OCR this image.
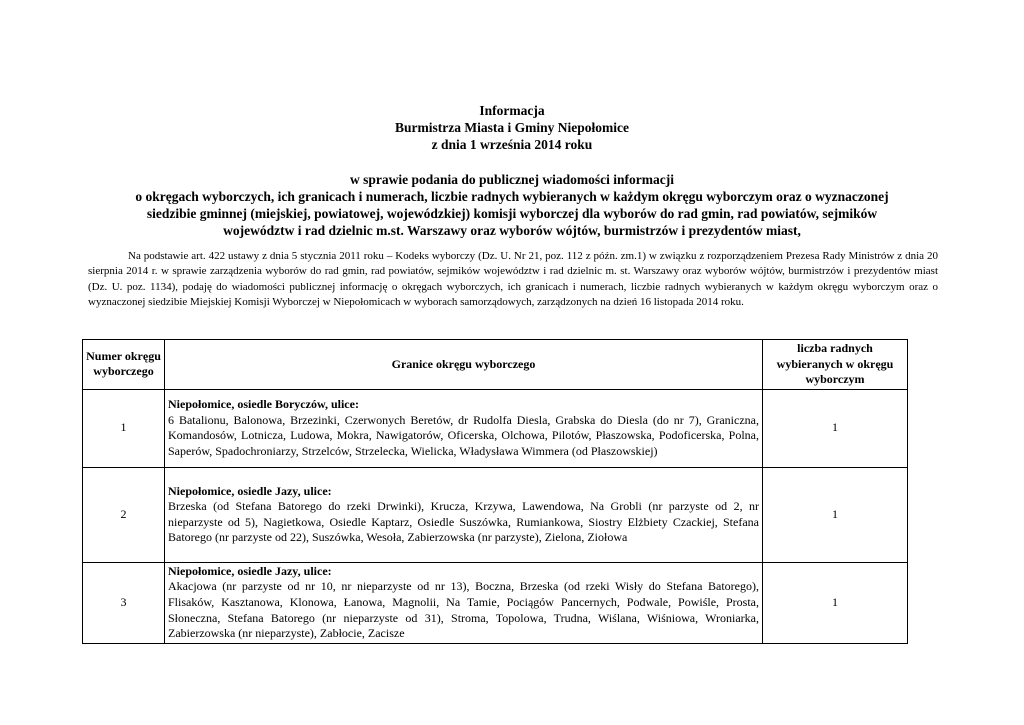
Informacja
Burmistrza Miasta i Gminy Niepołomice
z dnia 1 września 2014 roku
w sprawie podania do publicznej wiadomości informacji
o okręgach wyborczych, ich granicach i numerach, liczbie radnych wybieranych w każdym okręgu wyborczym oraz o wyznaczonej
siedzibie gminnej (miejskiej, powiatowej, wojewódzkiej) komisji wyborczej dla wyborów do rad gmin, rad powiatów, sejmików
województw i rad dzielnic m.st. Warszawy oraz wyborów wójtów, burmistrzów i prezydentów miast,
Na podstawie art. 422 ustawy z dnia 5 stycznia 2011 roku – Kodeks wyborczy (Dz. U. Nr 21, poz. 112 z późn. zm.1) w związku z rozporządzeniem Prezesa Rady Ministrów z dnia 20 sierpnia 2014 r. w sprawie zarządzenia wyborów do rad gmin, rad powiatów, sejmików województw i rad dzielnic m. st. Warszawy oraz wyborów wójtów, burmistrzów i prezydentów miast (Dz. U. poz. 1134), podaję do wiadomości publicznej informację o okręgach wyborczych, ich granicach i numerach, liczbie radnych wybieranych w każdym okręgu wyborczym oraz o wyznaczonej siedzibie Miejskiej Komisji Wyborczej w Niepołomicach w wyborach samorządowych, zarządzonych na dzień 16 listopada 2014 roku.
Numer okręgu wyborczego	Granice okręgu wyborczego	liczba radnych wybieranych w okręgu wyborczym
1	Niepołomice, osiedle Boryczów, ulice:
6 Batalionu, Balonowa, Brzezinki, Czerwonych Beretów, dr Rudolfa Diesla, Grabska do Diesla (do nr 7), Graniczna, Komandosów, Lotnicza, Ludowa, Mokra, Nawigatorów, Oficerska, Olchowa, Pilotów, Płaszowska, Podoficerska, Polna, Saperów, Spadochroniarzy, Strzelców, Strzelecka, Wielicka, Władysława Wimmera (od Płaszowskiej)	1
2	Niepołomice, osiedle Jazy, ulice:
Brzeska (od Stefana Batorego do rzeki Drwinki), Krucza, Krzywa, Lawendowa, Na Grobli (nr parzyste od 2, nr nieparzyste od 5), Nagietkowa, Osiedle Kaptarz, Osiedle Suszówka, Rumiankowa, Siostry Elżbiety Czackiej, Stefana Batorego (nr parzyste od 22), Suszówka, Wesoła, Zabierzowska (nr parzyste), Zielona, Ziołowa	1
3	Niepołomice, osiedle Jazy, ulice:
Akacjowa (nr parzyste od nr 10, nr nieparzyste od nr 13), Boczna, Brzeska (od rzeki Wisły do Stefana Batorego), Flisaków, Kasztanowa, Klonowa, Łanowa, Magnolii, Na Tamie, Pociągów Pancernych, Podwale, Powiśle, Prosta, Słoneczna, Stefana Batorego (nr nieparzyste od 31), Stroma, Topolowa, Trudna, Wiślana, Wiśniowa, Wroniarka, Zabierzowska (nr nieparzyste), Zabłocie, Zacisze	1
